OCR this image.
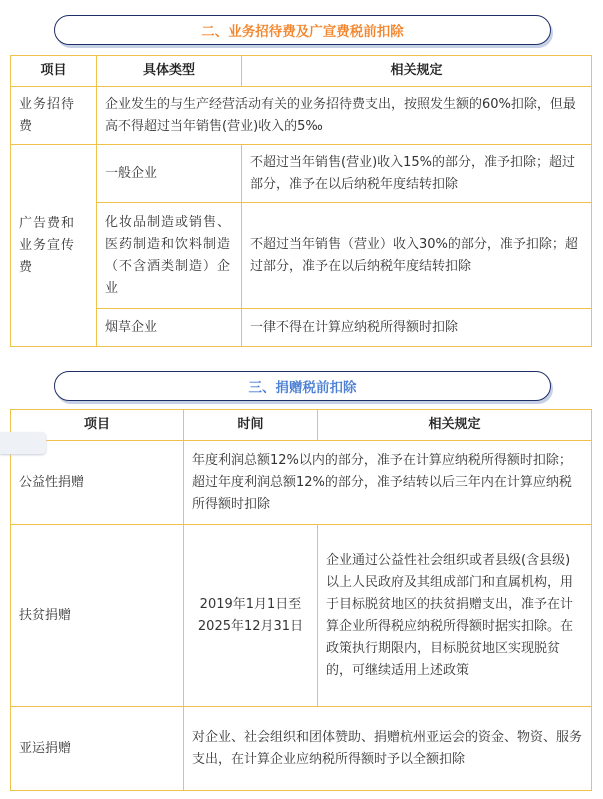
二、业务招待费及广宣费税前扣除
项目	具体类型	相关规定
业务招待费	企业发生的与生产经营活动有关的业务招待费支出，按照发生额的60%扣除，但最高不得超过当年销售(营业)收入的5‰	
广告费和业务宣传费	一般企业	不超过当年销售(营业)收入15%的部分，准予扣除；超过部分，准予在以后纳税年度结转扣除
	化妆品制造或销售、医药制造和饮料制造（不含酒类制造）企业	不超过当年销售（营业）收入30%的部分，准予扣除；超过部分，准予在以后纳税年度结转扣除
	烟草企业	一律不得在计算应纳税所得额时扣除
三、捐赠税前扣除
项目	时间	相关规定
公益性捐赠	年度利润总额12%以内的部分，准予在计算应纳税所得额时扣除；超过年度利润总额12%的部分，准予结转以后三年内在计算应纳税所得额时扣除	
扶贫捐赠	2019年1月1日至2025年12月31日	企业通过公益性社会组织或者县级(含县级)以上人民政府及其组成部门和直属机构，用于目标脱贫地区的扶贫捐赠支出，准予在计算企业所得税应纳税所得额时据实扣除。在政策执行期限内，目标脱贫地区实现脱贫的，可继续适用上述政策
亚运捐赠	对企业、社会组织和团体赞助、捐赠杭州亚运会的资金、物资、服务支出，在计算企业应纳税所得额时予以全额扣除	
